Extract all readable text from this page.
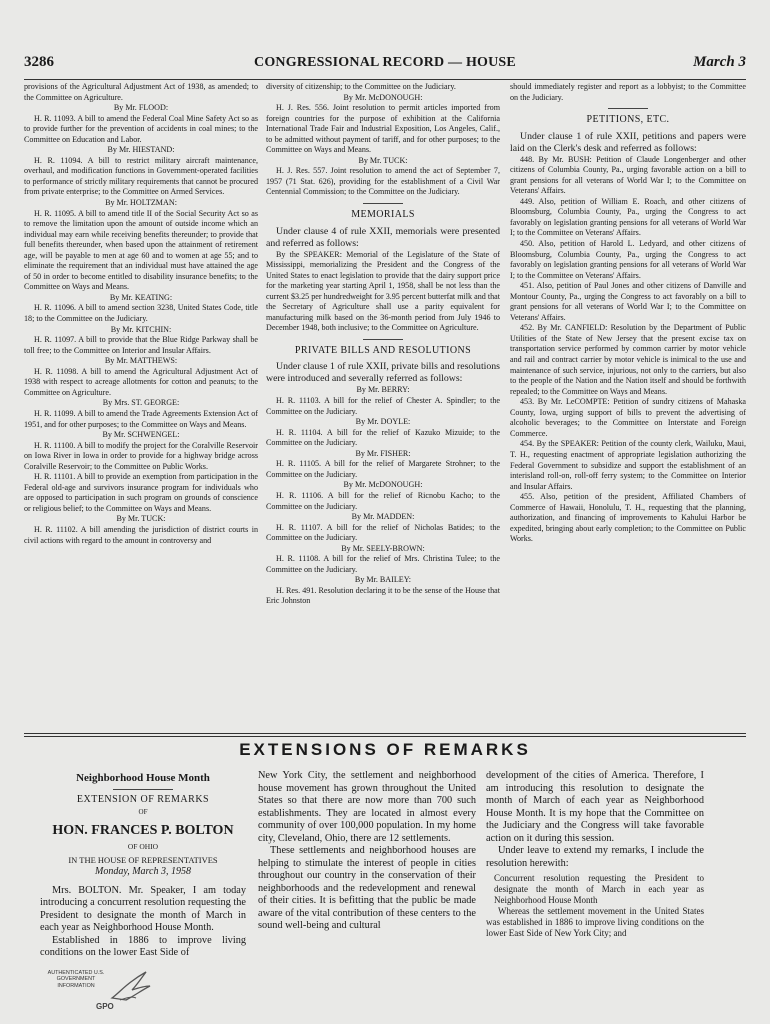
3286	CONGRESSIONAL RECORD — HOUSE	March 3

provisions of the Agricultural Adjustment Act of 1938, as amended; to the Committee on Agriculture.

By Mr. FLOOD:

H. R. 11093. A bill to amend the Federal Coal Mine Safety Act so as to provide further for the prevention of accidents in coal mines; to the Committee on Education and Labor.

By Mr. HIESTAND:

H. R. 11094. A bill to restrict military aircraft maintenance, overhaul, and modification functions in Government-operated facilities to performance of strictly military requirements that cannot be procured from private enterprise; to the Committee on Armed Services.

By Mr. HOLTZMAN:

H. R. 11095. A bill to amend title II of the Social Security Act so as to remove the limitation upon the amount of outside income which an individual may earn while receiving benefits thereunder; to provide that full benefits thereunder, when based upon the attainment of retirement age, will be payable to men at age 60 and to women at age 55; and to eliminate the requirement that an individual must have attained the age of 50 in order to become entitled to disability insurance benefits; to the Committee on Ways and Means.

By Mr. KEATING:

H. R. 11096. A bill to amend section 3238, United States Code, title 18; to the Committee on the Judiciary.

By Mr. KITCHIN:

H. R. 11097. A bill to provide that the Blue Ridge Parkway shall be toll free; to the Committee on Interior and Insular Affairs.

By Mr. MATTHEWS:

H. R. 11098. A bill to amend the Agricultural Adjustment Act of 1938 with respect to acreage allotments for cotton and peanuts; to the Committee on Agriculture.

By Mrs. ST. GEORGE:

H. R. 11099. A bill to amend the Trade Agreements Extension Act of 1951, and for other purposes; to the Committee on Ways and Means.

By Mr. SCHWENGEL:

H. R. 11100. A bill to modify the project for the Coralville Reservoir on Iowa River in Iowa in order to provide for a highway bridge across Coralville Reservoir; to the Committee on Public Works.

H. R. 11101. A bill to provide an exemption from participation in the Federal old-age and survivors insurance program for individuals who are opposed to participation in such program on grounds of conscience or religious belief; to the Committee on Ways and Means.

By Mr. TUCK:

H. R. 11102. A bill amending the jurisdiction of district courts in civil actions with regard to the amount in controversy and

diversity of citizenship; to the Committee on the Judiciary.

By Mr. McDONOUGH:

H. J. Res. 556. Joint resolution to permit articles imported from foreign countries for the purpose of exhibition at the California International Trade Fair and Industrial Exposition, Los Angeles, Calif., to be admitted without payment of tariff, and for other purposes; to the Committee on Ways and Means.

By Mr. TUCK:

H. J. Res. 557. Joint resolution to amend the act of September 7, 1957 (71 Stat. 626), providing for the establishment of a Civil War Centennial Commission; to the Committee on the Judiciary.

MEMORIALS

Under clause 4 of rule XXII, memorials were presented and referred as follows:

By the SPEAKER: Memorial of the Legislature of the State of Mississippi, memorializing the President and the Congress of the United States to enact legislation to provide that the dairy support price for the marketing year starting April 1, 1958, shall be not less than the current $3.25 per hundredweight for 3.95 percent butterfat milk and that the Secretary of Agriculture shall use a parity equivalent for manufacturing milk based on the 36-month period from July 1946 to December 1948, both inclusive; to the Committee on Agriculture.

PRIVATE BILLS AND RESOLUTIONS

Under clause 1 of rule XXII, private bills and resolutions were introduced and severally referred as follows:

By Mr. BERRY:

H. R. 11103. A bill for the relief of Chester A. Spindler; to the Committee on the Judiciary.

By Mr. DOYLE:

H. R. 11104. A bill for the relief of Kazuko Mizuide; to the Committee on the Judiciary.

By Mr. FISHER:

H. R. 11105. A bill for the relief of Margarete Strohner; to the Committee on the Judiciary.

By Mr. McDONOUGH:

H. R. 11106. A bill for the relief of Ricnobu Kacho; to the Committee on the Judiciary.

By Mr. MADDEN:

H. R. 11107. A bill for the relief of Nicholas Batides; to the Committee on the Judiciary.

By Mr. SEELY-BROWN:

H. R. 11108. A bill for the relief of Mrs. Christina Tulee; to the Committee on the Judiciary.

By Mr. BAILEY:

H. Res. 491. Resolution declaring it to be the sense of the House that Eric Johnston

should immediately register and report as a lobbyist; to the Committee on the Judiciary.

PETITIONS, ETC.

Under clause 1 of rule XXII, petitions and papers were laid on the Clerk's desk and referred as follows:

448. By Mr. BUSH: Petition of Claude Longenberger and other citizens of Columbia County, Pa., urging favorable action on a bill to grant pensions for all veterans of World War I; to the Committee on Veterans' Affairs.

449. Also, petition of William E. Roach, and other citizens of Bloomsburg, Columbia County, Pa., urging the Congress to act favorably on legislation granting pensions for all veterans of World War I; to the Committee on Veterans' Affairs.

450. Also, petition of Harold L. Ledyard, and other citizens of Bloomsburg, Columbia County, Pa., urging the Congress to act favorably on legislation granting pensions for all veterans of World War I; to the Committee on Veterans' Affairs.

451. Also, petition of Paul Jones and other citizens of Danville and Montour County, Pa., urging the Congress to act favorably on a bill to grant pensions for all veterans of World War I; to the Committee on Veterans' Affairs.

452. By Mr. CANFIELD: Resolution by the Department of Public Utilities of the State of New Jersey that the present excise tax on transportation service performed by common carrier by motor vehicle and rail and contract carrier by motor vehicle is inimical to the use and maintenance of such service, injurious, not only to the carriers, but also to the people of the Nation and the Nation itself and should be forthwith repealed; to the Committee on Ways and Means.

453. By Mr. LeCOMPTE: Petition of sundry citizens of Mahaska County, Iowa, urging support of bills to prevent the advertising of alcoholic beverages; to the Committee on Interstate and Foreign Commerce.

454. By the SPEAKER: Petition of the county clerk, Wailuku, Maui, T. H., requesting enactment of appropriate legislation authorizing the Federal Government to subsidize and support the establishment of an interisland roll-on, roll-off ferry system; to the Committee on Interior and Insular Affairs.

455. Also, petition of the president, Affiliated Chambers of Commerce of Hawaii, Honolulu, T. H., requesting that the planning, authorization, and financing of improvements to Kahului Harbor be expedited, bringing about early completion; to the Committee on Public Works.

EXTENSIONS OF REMARKS

Neighborhood House Month

EXTENSION OF REMARKS

OF

HON. FRANCES P. BOLTON

OF OHIO

IN THE HOUSE OF REPRESENTATIVES

Monday, March 3, 1958

Mrs. BOLTON. Mr. Speaker, I am today introducing a concurrent resolution requesting the President to designate the month of March in each year as Neighborhood House Month.

Established in 1886 to improve living conditions on the lower East Side of

New York City, the settlement and neighborhood house movement has grown throughout the United States so that there are now more than 700 such establishments. They are located in almost every community of over 100,000 population. In my home city, Cleveland, Ohio, there are 12 settlements.

These settlements and neighborhood houses are helping to stimulate the interest of people in cities throughout our country in the conservation of their neighborhoods and the redevelopment and renewal of their cities. It is befitting that the public be made aware of the vital contribution of these centers to the sound well-being and cultural

development of the cities of America. Therefore, I am introducing this resolution to designate the month of March of each year as Neighborhood House Month. It is my hope that the Committee on the Judiciary and the Congress will take favorable action on it during this session.

Under leave to extend my remarks, I include the resolution herewith:

Concurrent resolution requesting the President to designate the month of March in each year as Neighborhood House Month

Whereas the settlement movement in the United States was established in 1886 to improve living conditions on the lower East Side of New York City; and

AUTHENTICATED U.S. GOVERNMENT INFORMATION
GPO
